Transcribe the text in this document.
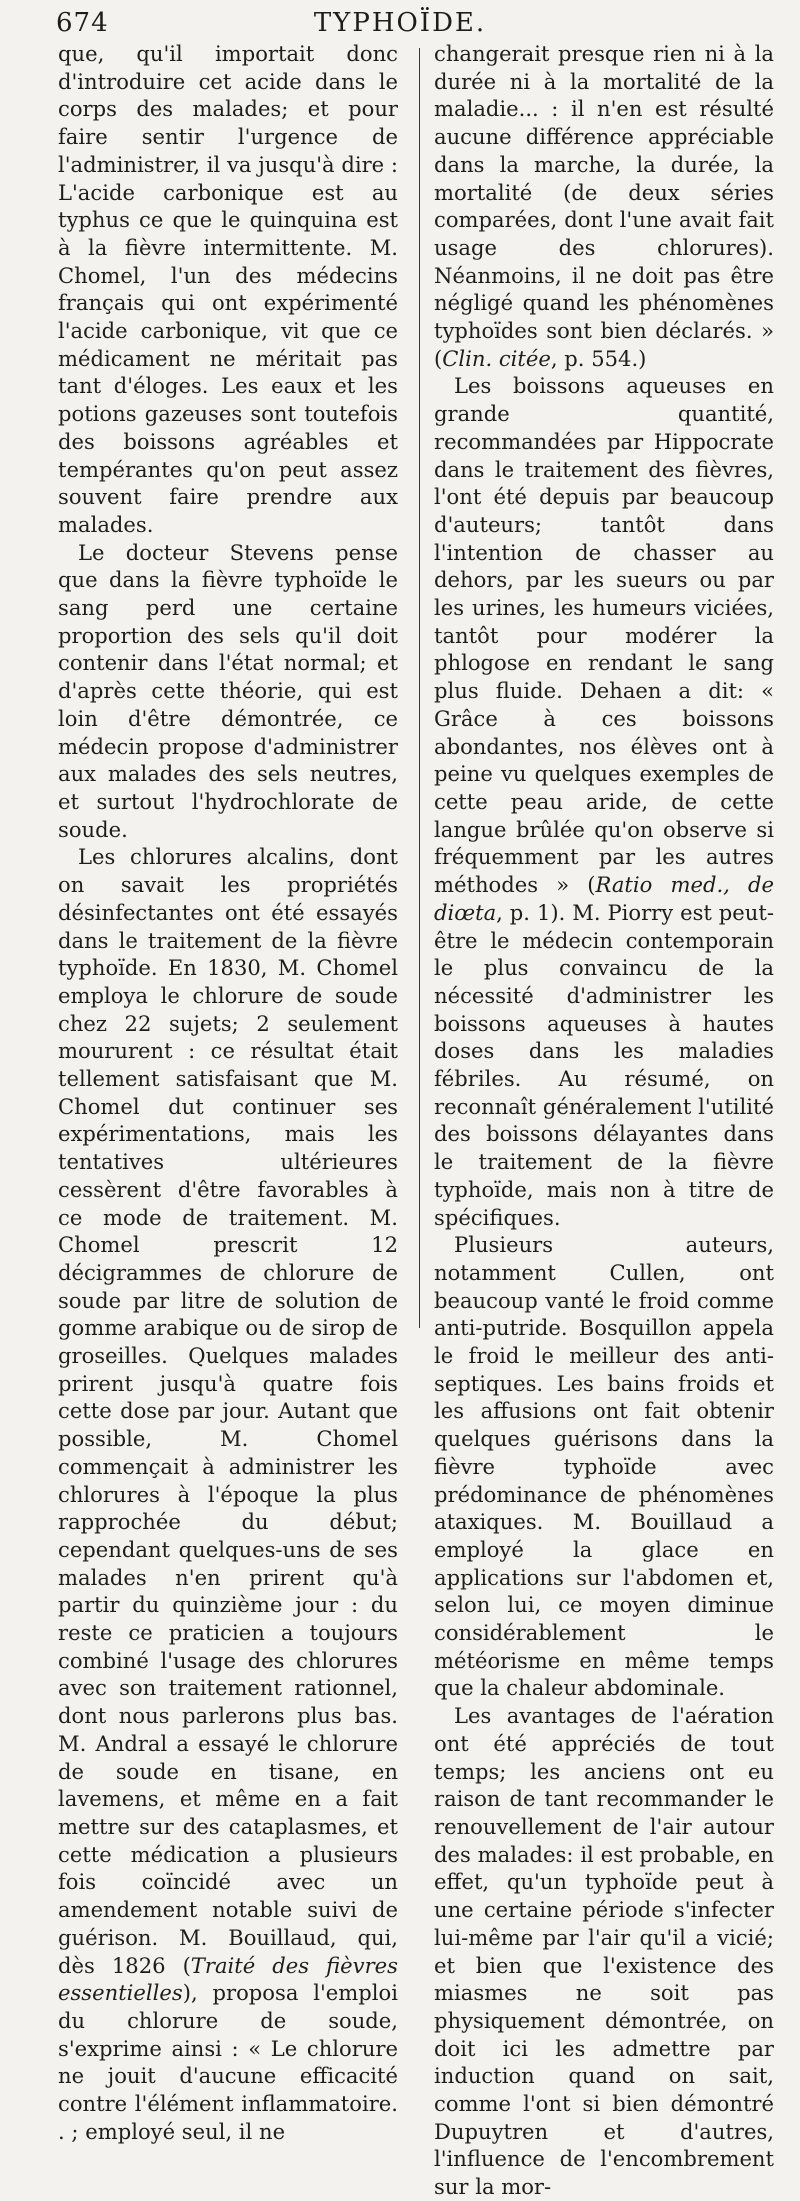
674	TYPHOÏDE.

que, qu'il importait donc d'introduire cet acide dans le corps des malades; et pour faire sentir l'urgence de l'administrer, il va jusqu'à dire : L'acide carbonique est au typhus ce que le quinquina est à la fièvre intermittente. M. Chomel, l'un des médecins français qui ont expérimenté l'acide carbonique, vit que ce médicament ne méritait pas tant d'éloges. Les eaux et les potions gazeuses sont toutefois des boissons agréables et tempérantes qu'on peut assez souvent faire prendre aux malades.

Le docteur Stevens pense que dans la fièvre typhoïde le sang perd une certaine proportion des sels qu'il doit contenir dans l'état normal; et d'après cette théorie, qui est loin d'être démontrée, ce médecin propose d'administrer aux malades des sels neutres, et surtout l'hydrochlorate de soude.

Les chlorures alcalins, dont on savait les propriétés désinfectantes ont été essayés dans le traitement de la fièvre typhoïde. En 1830, M. Chomel employa le chlorure de soude chez 22 sujets; 2 seulement moururent : ce résultat était tellement satisfaisant que M. Chomel dut continuer ses expérimentations, mais les tentatives ultérieures cessèrent d'être favorables à ce mode de traitement. M. Chomel prescrit 12 décigrammes de chlorure de soude par litre de solution de gomme arabique ou de sirop de groseilles. Quelques malades prirent jusqu'à quatre fois cette dose par jour. Autant que possible, M. Chomel commençait à administrer les chlorures à l'époque la plus rapprochée du début; cependant quelques-uns de ses malades n'en prirent qu'à partir du quinzième jour : du reste ce praticien a toujours combiné l'usage des chlorures avec son traitement rationnel, dont nous parlerons plus bas. M. Andral a essayé le chlorure de soude en tisane, en lavemens, et même en a fait mettre sur des cataplasmes, et cette médication a plusieurs fois coïncidé avec un amendement notable suivi de guérison. M. Bouillaud, qui, dès 1826 (Traité des fièvres essentielles), proposa l'emploi du chlorure de soude, s'exprime ainsi : « Le chlorure ne jouit d'aucune efficacité contre l'élément inflammatoire. . ; employé seul, il ne

changerait presque rien ni à la durée ni à la mortalité de la maladie... : il n'en est résulté aucune différence appréciable dans la marche, la durée, la mortalité (de deux séries comparées, dont l'une avait fait usage des chlorures). Néanmoins, il ne doit pas être négligé quand les phénomènes typhoïdes sont bien déclarés. » (Clin. citée, p. 554.)

Les boissons aqueuses en grande quantité, recommandées par Hippocrate dans le traitement des fièvres, l'ont été depuis par beaucoup d'auteurs; tantôt dans l'intention de chasser au dehors, par les sueurs ou par les urines, les humeurs viciées, tantôt pour modérer la phlogose en rendant le sang plus fluide. Dehaen a dit: « Grâce à ces boissons abondantes, nos élèves ont à peine vu quelques exemples de cette peau aride, de cette langue brûlée qu'on observe si fréquemment par les autres méthodes » (Ratio med., de diœta, p. 1). M. Piorry est peut-être le médecin contemporain le plus convaincu de la nécessité d'administrer les boissons aqueuses à hautes doses dans les maladies fébriles. Au résumé, on reconnaît généralement l'utilité des boissons délayantes dans le traitement de la fièvre typhoïde, mais non à titre de spécifiques.

Plusieurs auteurs, notamment Cullen, ont beaucoup vanté le froid comme anti-putride. Bosquillon appela le froid le meilleur des anti-septiques. Les bains froids et les affusions ont fait obtenir quelques guérisons dans la fièvre typhoïde avec prédominance de phénomènes ataxiques. M. Bouillaud a employé la glace en applications sur l'abdomen et, selon lui, ce moyen diminue considérablement le météorisme en même temps que la chaleur abdominale.

Les avantages de l'aération ont été appréciés de tout temps; les anciens ont eu raison de tant recommander le renouvellement de l'air autour des malades: il est probable, en effet, qu'un typhoïde peut à une certaine période s'infecter lui-même par l'air qu'il a vicié; et bien que l'existence des miasmes ne soit pas physiquement démontrée, on doit ici les admettre par induction quand on sait, comme l'ont si bien démontré Dupuytren et d'autres, l'influence de l'encombrement sur la mor-
